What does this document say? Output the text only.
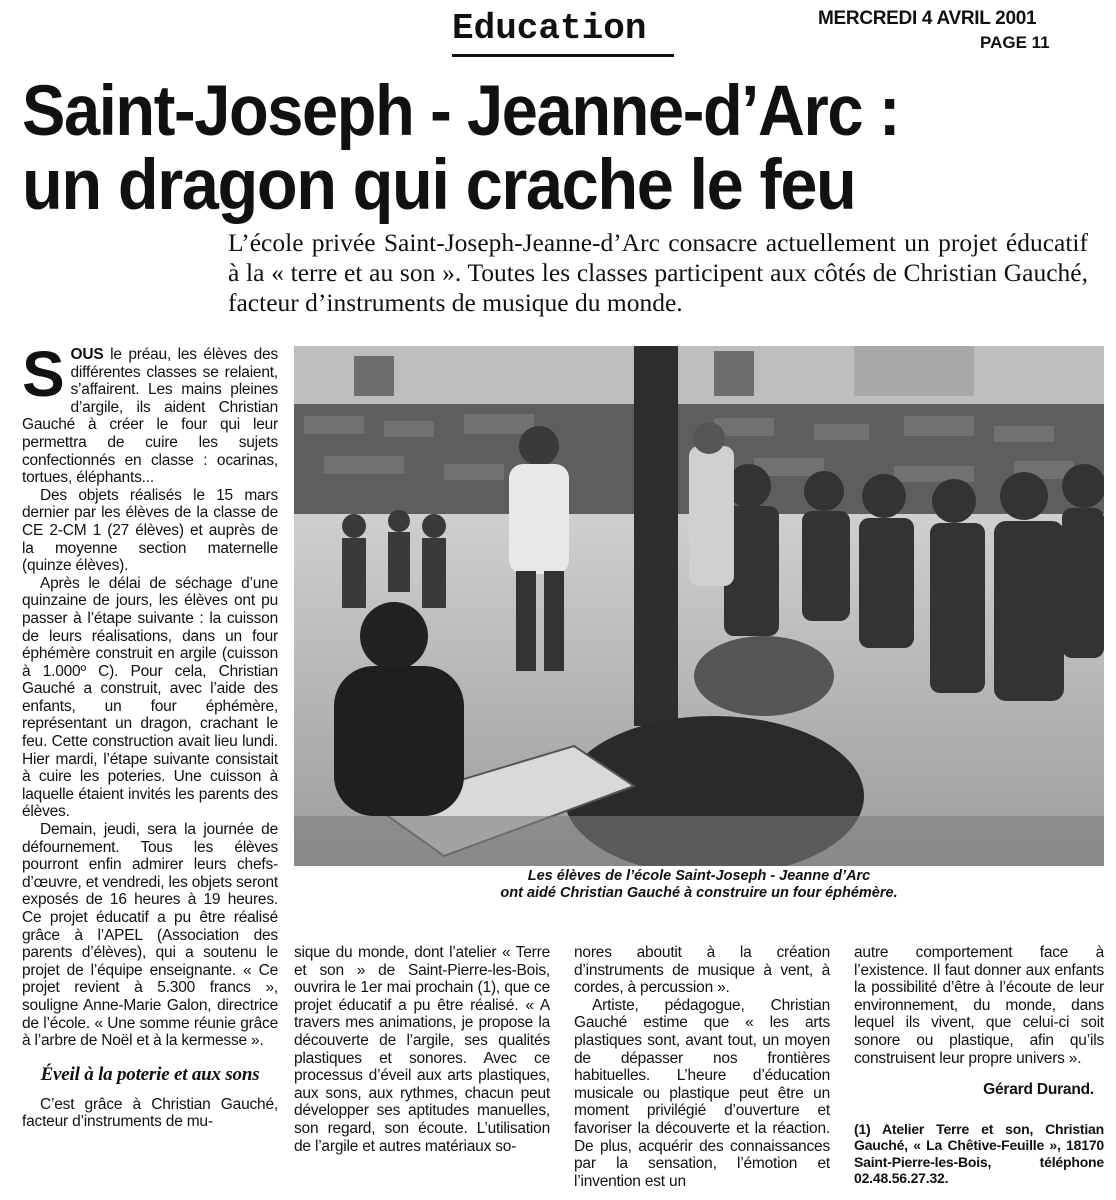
Education	MERCREDI 4 AVRIL 2001
PAGE 11
Saint-Joseph - Jeanne-d’Arc :
un dragon qui crache le feu
L’école privée Saint-Joseph-Jeanne-d’Arc consacre actuellement un projet éducatif à la « terre et au son ». Toutes les classes participent aux côtés de Christian Gauché, facteur d’instruments de musique du monde.

SOUS le préau, les élèves des différentes classes se relaient, s’affairent. Les mains pleines d’argile, ils aident Christian Gauché à créer le four qui leur permettra de cuire les sujets confectionnés en classe : ocarinas, tortues, éléphants...

Des objets réalisés le 15 mars dernier par les élèves de la classe de CE 2-CM 1 (27 élèves) et auprès de la moyenne section maternelle (quinze élèves).

Après le délai de séchage d’une quinzaine de jours, les élèves ont pu passer à l’étape suivante : la cuisson de leurs réalisations, dans un four éphémère construit en argile (cuisson à 1.000º C). Pour cela, Christian Gauché a construit, avec l’aide des enfants, un four éphémère, représentant un dragon, crachant le feu. Cette construction avait lieu lundi. Hier mardi, l’étape suivante consistait à cuire les poteries. Une cuisson à laquelle étaient invités les parents des élèves.

Demain, jeudi, sera la journée de défournement. Tous les élèves pourront enfin admirer leurs chefs-d’œuvre, et vendredi, les objets seront exposés de 16 heures à 19 heures. Ce projet éducatif a pu être réalisé grâce à l’APEL (Association des parents d’élèves), qui a soutenu le projet de l’équipe enseignante. « Ce projet revient à 5.300 francs », souligne Anne-Marie Galon, directrice de l’école. « Une somme réunie grâce à l’arbre de Noël et à la kermesse ».

Éveil à la poterie et aux sons

C’est grâce à Christian Gauché, facteur d’instruments de mu-

Les élèves de l’école Saint-Joseph - Jeanne d’Arc
ont aidé Christian Gauché à construire un four éphémère.

sique du monde, dont l’atelier « Terre et son » de Saint-Pierre-les-Bois, ouvrira le 1er mai prochain (1), que ce projet éducatif a pu être réalisé. « A travers mes animations, je propose la découverte de l’argile, ses qualités plastiques et sonores. Avec ce processus d’éveil aux arts plastiques, aux sons, aux rythmes, chacun peut développer ses aptitudes manuelles, son regard, son écoute. L’utilisation de l’argile et autres matériaux so-

nores aboutit à la création d’instruments de musique à vent, à cordes, à percussion ».

Artiste, pédagogue, Christian Gauché estime que « les arts plastiques sont, avant tout, un moyen de dépasser nos frontières habituelles. L’heure d’éducation musicale ou plastique peut être un moment privilégié d’ouverture et favoriser la découverte et la réaction. De plus, acquérir des connaissances par la sensation, l’émotion et l’invention est un

autre comportement face à l’existence. Il faut donner aux enfants la possibilité d’être à l’écoute de leur environnement, du monde, dans lequel ils vivent, que celui-ci soit sonore ou plastique, afin qu’ils construisent leur propre univers ».

Gérard Durand.
(1) Atelier Terre et son, Christian Gauché, « La Chêtive-Feuille », 18170 Saint-Pierre-les-Bois, téléphone 02.48.56.27.32.
